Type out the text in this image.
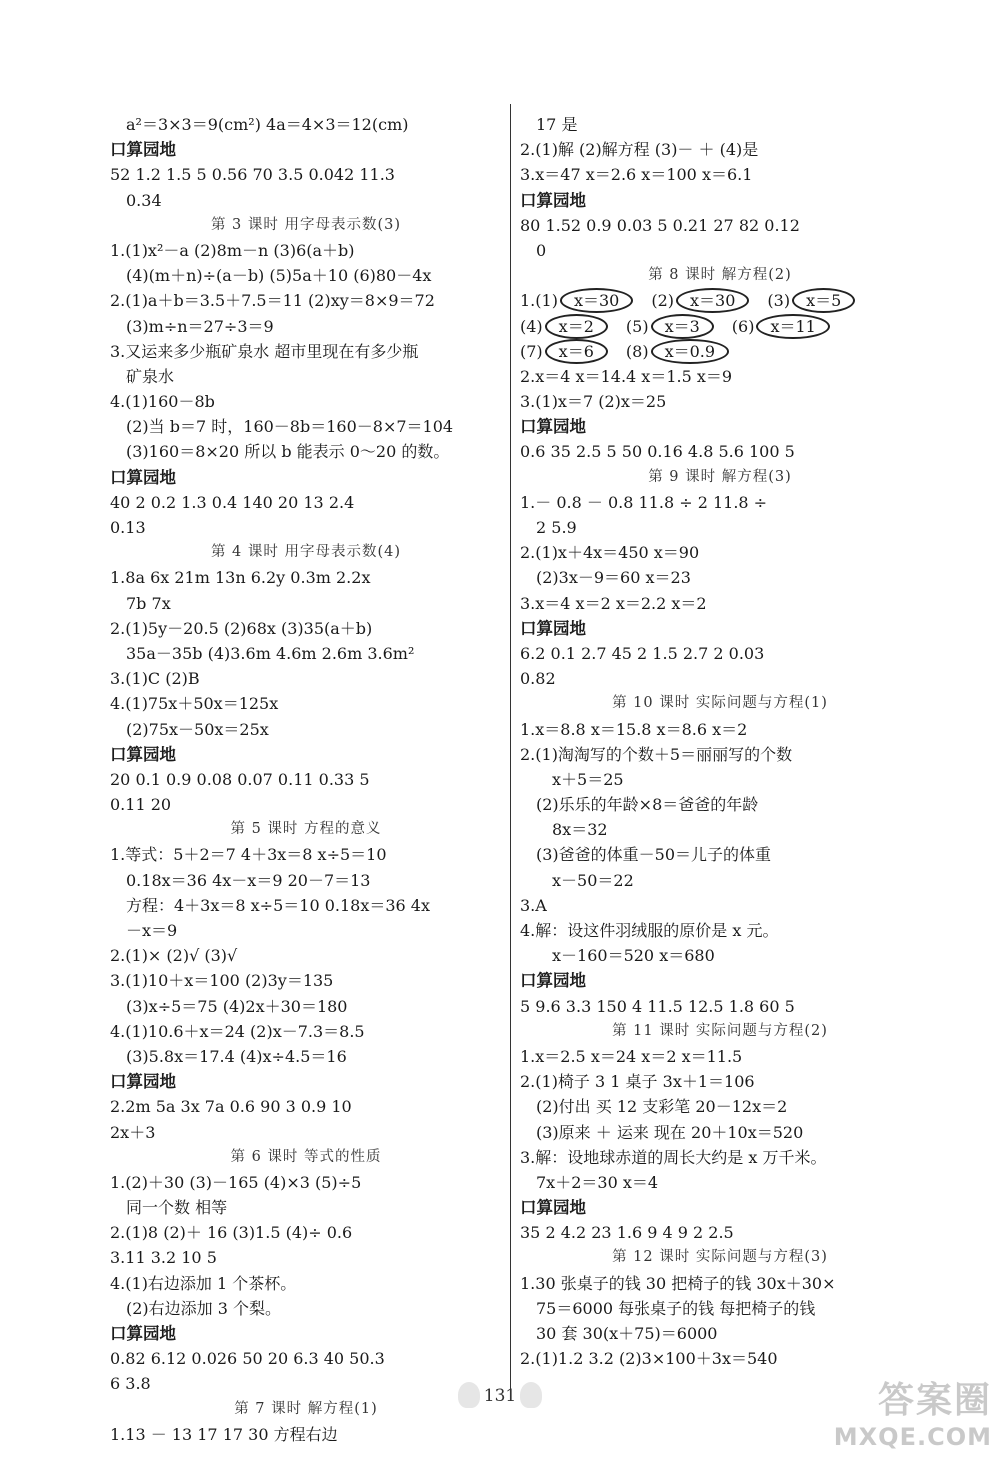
a²＝3×3＝9(cm²) 4a＝4×3＝12(cm)
口算园地
52 1.2 1.5 5 0.56 70 3.5 0.042 11.3
0.34
第 3 课时 用字母表示数(3)
1.(1)x²－a (2)8m－n (3)6(a＋b)
(4)(m＋n)÷(a－b) (5)5a＋10 (6)80－4x
2.(1)a＋b＝3.5＋7.5＝11 (2)xy＝8×9＝72
(3)m÷n＝27÷3＝9
3.又运来多少瓶矿泉水 超市里现在有多少瓶
矿泉水
4.(1)160－8b
(2)当 b＝7 时，160－8b＝160－8×7＝104
(3)160＝8×20 所以 b 能表示 0～20 的数。
口算园地
40 2 0.2 1.3 0.4 140 20 13 2.4
0.13
第 4 课时 用字母表示数(4)
1.8a 6x 21m 13n 6.2y 0.3m 2.2x
7b 7x
2.(1)5y－20.5 (2)68x (3)35(a＋b)
35a－35b (4)3.6m 4.6m 2.6m 3.6m²
3.(1)C (2)B
4.(1)75x＋50x＝125x
(2)75x－50x＝25x
口算园地
20 0.1 0.9 0.08 0.07 0.11 0.33 5
0.11 20
第 5 课时 方程的意义
1.等式：5＋2＝7 4＋3x＝8 x÷5＝10
0.18x＝36 4x－x＝9 20－7＝13
方程：4＋3x＝8 x÷5＝10 0.18x＝36 4x
－x＝9
2.(1)× (2)√ (3)√
3.(1)10＋x＝100 (2)3y＝135
(3)x÷5＝75 (4)2x＋30＝180
4.(1)10.6＋x＝24 (2)x－7.3＝8.5
(3)5.8x＝17.4 (4)x÷4.5＝16
口算园地
2.2m 5a 3x 7a 0.6 90 3 0.9 10
2x＋3
第 6 课时 等式的性质
1.(2)＋30 (3)－165 (4)×3 (5)÷5
同一个数 相等
2.(1)8 (2)＋ 16 (3)1.5 (4)÷ 0.6
3.11 3.2 10 5
4.(1)右边添加 1 个茶杯。
(2)右边添加 3 个梨。
口算园地
0.82 6.12 0.026 50 20 6.3 40 50.3
6 3.8
第 7 课时 解方程(1)
1.13 － 13 17 17 30 方程右边
17 是
2.(1)解 (2)解方程 (3)－ ＋ (4)是
3.x＝47 x＝2.6 x＝100 x＝6.1
口算园地
80 1.52 0.9 0.03 5 0.21 27 82 0.12
0
第 8 课时 解方程(2)
1.(1) x＝30 (2) x＝30 (3) x＝5
(4) x＝2 (5) x＝3 (6) x＝11
(7) x＝6 (8) x＝0.9
2.x＝4 x＝14.4 x＝1.5 x＝9
3.(1)x＝7 (2)x＝25
口算园地
0.6 35 2.5 5 50 0.16 4.8 5.6 100 5
第 9 课时 解方程(3)
1.－ 0.8 － 0.8 11.8 ÷ 2 11.8 ÷
2 5.9
2.(1)x＋4x＝450 x＝90
(2)3x－9＝60 x＝23
3.x＝4 x＝2 x＝2.2 x＝2
口算园地
6.2 0.1 2.7 45 2 1.5 2.7 2 0.03
0.82
第 10 课时 实际问题与方程(1)
1.x＝8.8 x＝15.8 x＝8.6 x＝2
2.(1)淘淘写的个数＋5＝丽丽写的个数
x＋5＝25
(2)乐乐的年龄×8＝爸爸的年龄
8x＝32
(3)爸爸的体重－50＝儿子的体重
x－50＝22
3.A
4.解：设这件羽绒服的原价是 x 元。
x－160＝520 x＝680
口算园地
5 9.6 3.3 150 4 11.5 12.5 1.8 60 5
第 11 课时 实际问题与方程(2)
1.x＝2.5 x＝24 x＝2 x＝11.5
2.(1)椅子 3 1 桌子 3x＋1＝106
(2)付出 买 12 支彩笔 20－12x＝2
(3)原来 ＋ 运来 现在 20＋10x＝520
3.解：设地球赤道的周长大约是 x 万千米。
7x＋2＝30 x＝4
口算园地
35 2 4.2 23 1.6 9 4 9 2 2.5
第 12 课时 实际问题与方程(3)
1.30 张桌子的钱 30 把椅子的钱 30x＋30×
75＝6000 每张桌子的钱 每把椅子的钱
30 套 30(x＋75)＝6000
2.(1)1.2 3.2 (2)3×100＋3x＝540
131	答案圈
MXQE.COM
